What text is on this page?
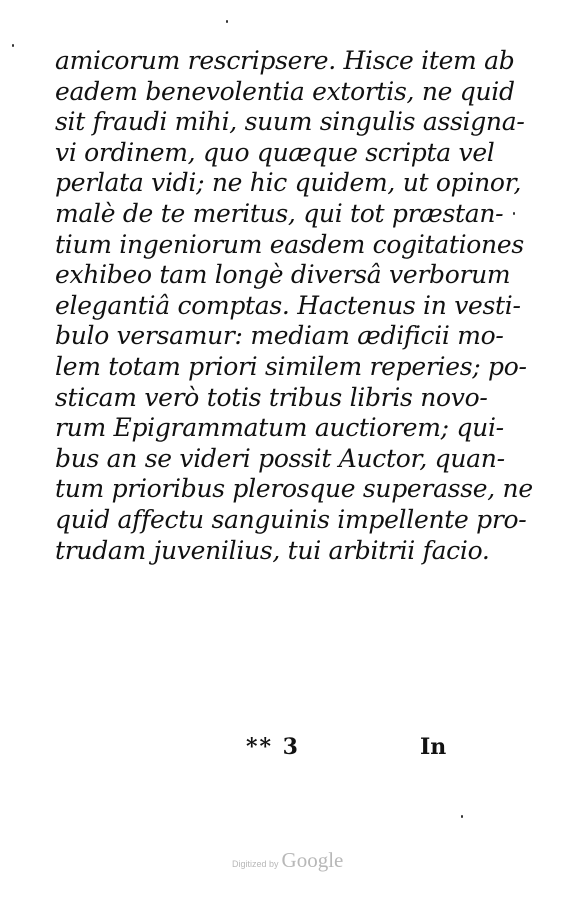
amicorum rescripsere. Hisce item ab
eadem benevolentia extortis, ne quid
sit fraudi mihi, suum singulis assigna-
vi ordinem, quo quæque scripta vel
perlata vidi; ne hic quidem, ut opinor,
malè de te meritus, qui tot præstan-
tium ingeniorum easdem cogitationes
exhibeo tam longè diversâ verborum
elegantiâ comptas. Hactenus in vesti-
bulo versamur: mediam ædificii mo-
lem totam priori similem reperies; po-
sticam verò totis tribus libris novo-
rum Epigrammatum auctiorem; qui-
bus an se videri possit Auctor, quan-
tum prioribus plerosque superasse, ne
quid affectu sanguinis impellente pro-
trudam juvenilius, tui arbitrii facio.
** 3	In
Digitized by Google
